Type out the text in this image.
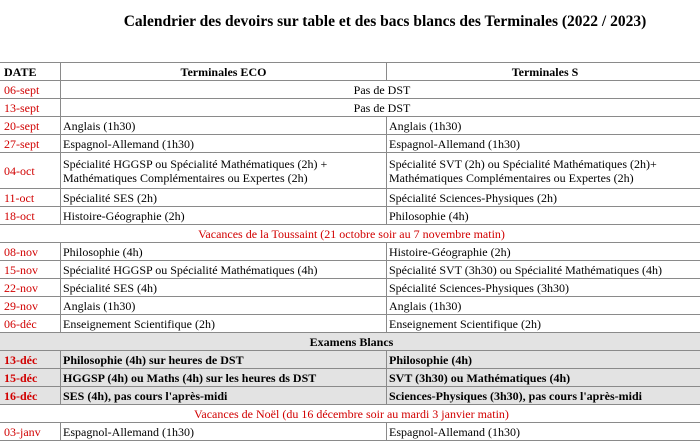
Calendrier des devoirs sur table et des bacs blancs des Terminales (2022 / 2023)
DATE	Terminales ECO	Terminales S
06-sept	Pas de DST	
13-sept	Pas de DST	
20-sept	Anglais (1h30)	Anglais (1h30)
27-sept	Espagnol-Allemand (1h30)	Espagnol-Allemand (1h30)
04-oct	Spécialité HGGSP ou Spécialité Mathématiques (2h) + Mathématiques Complémentaires ou Expertes (2h)	Spécialité SVT (2h) ou Spécialité Mathématiques (2h)+ Mathématiques Complémentaires ou Expertes (2h)
11-oct	Spécialité SES (2h)	Spécialité Sciences-Physiques (2h)
18-oct	Histoire-Géographie (2h)	Philosophie (4h)
Vacances de la Toussaint (21 octobre soir au 7 novembre matin)		
08-nov	Philosophie (4h)	Histoire-Géographie (2h)
15-nov	Spécialité HGGSP ou Spécialité Mathématiques (4h)	Spécialité SVT (3h30) ou Spécialité Mathématiques (4h)
22-nov	Spécialité SES (4h)	Spécialité Sciences-Physiques (3h30)
29-nov	Anglais (1h30)	Anglais (1h30)
06-déc	Enseignement Scientifique (2h)	Enseignement Scientifique (2h)
Examens Blancs		
13-déc	Philosophie (4h) sur heures de DST	Philosophie (4h)
15-déc	HGGSP (4h) ou Maths (4h) sur les heures ds DST	SVT (3h30) ou Mathématiques (4h)
16-déc	SES (4h), pas cours l'après-midi	Sciences-Physiques (3h30), pas cours l'après-midi
Vacances de Noël (du 16 décembre soir au mardi 3 janvier matin)		
03-janv	Espagnol-Allemand (1h30)	Espagnol-Allemand (1h30)
